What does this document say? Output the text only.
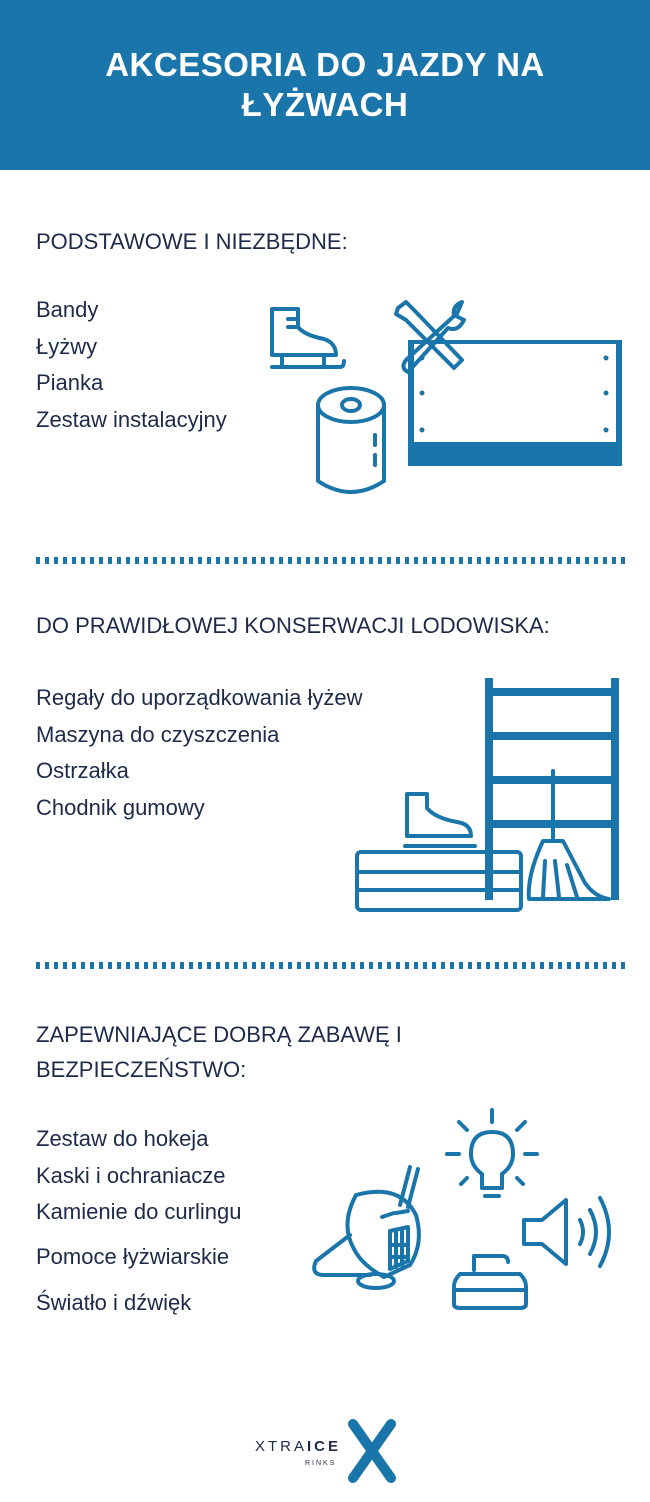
AKCESORIA DO JAZDY NA ŁYŻWACH
PODSTAWOWE I NIEZBĘDNE:
Bandy
Łyżwy
Pianka
Zestaw instalacyjny
DO PRAWIDŁOWEJ KONSERWACJI LODOWISKA:
Regały do uporządkowania łyżew
Maszyna do czyszczenia
Ostrzałka
Chodnik gumowy
ZAPEWNIAJĄCE DOBRĄ ZABAWĘ I
BEZPIECZEŃSTWO:
Zestaw do hokeja
Kaski i ochraniacze
Kamienie do curlingu
Pomoce łyżwiarskie
Światło i dźwięk
XTRAICE
RINKS
